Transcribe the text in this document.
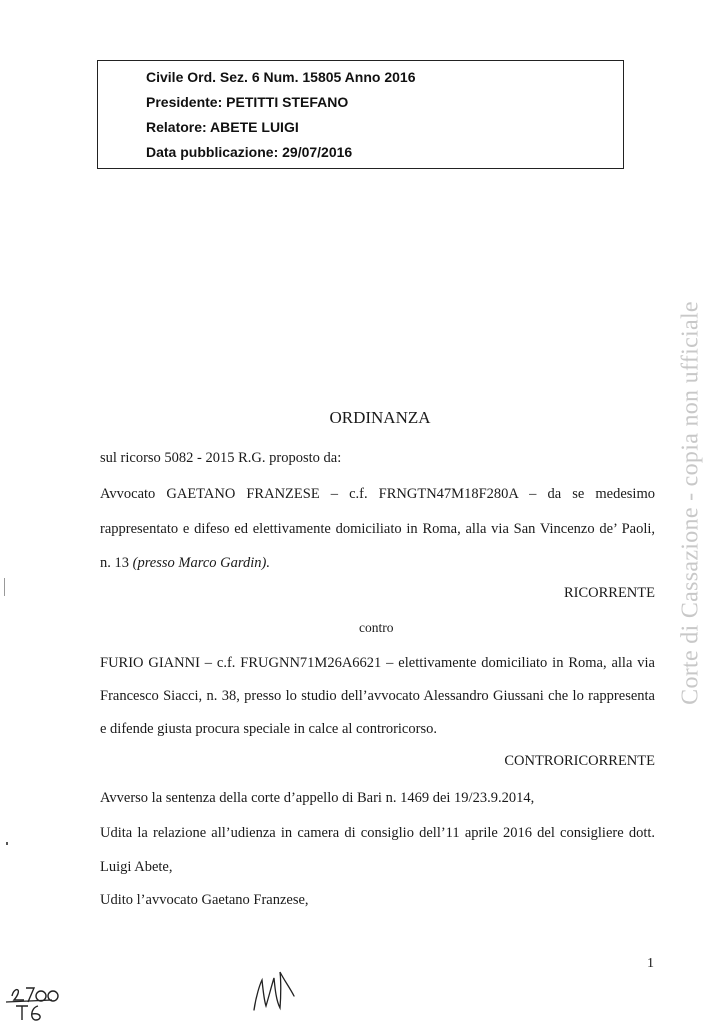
Civile Ord. Sez. 6 Num. 15805 Anno 2016
Presidente: PETITTI STEFANO
Relatore: ABETE LUIGI
Data pubblicazione: 29/07/2016
Corte di Cassazione - copia non ufficiale
ORDINANZA
sul ricorso 5082 - 2015 R.G. proposto da:
Avvocato GAETANO FRANZESE – c.f. FRNGTN47M18F280A – da se medesimo
rappresentato e difeso ed elettivamente domiciliato in Roma, alla via San Vincenzo de’ Paoli,
n. 13 (presso Marco Gardin).
RICORRENTE
contro
FURIO GIANNI – c.f. FRUGNN71M26A6621 – elettivamente domiciliato in Roma, alla via
Francesco Siacci, n. 38, presso lo studio dell’avvocato Alessandro Giussani che lo rappresenta
e difende giusta procura speciale in calce al controricorso.
CONTRORICORRENTE
Avverso la sentenza della corte d’appello di Bari n. 1469 dei 19/23.9.2014,
Udita la relazione all’udienza in camera di consiglio dell’11 aprile 2016 del consigliere dott.
Luigi Abete,
Udito l’avvocato Gaetano Franzese,
1
